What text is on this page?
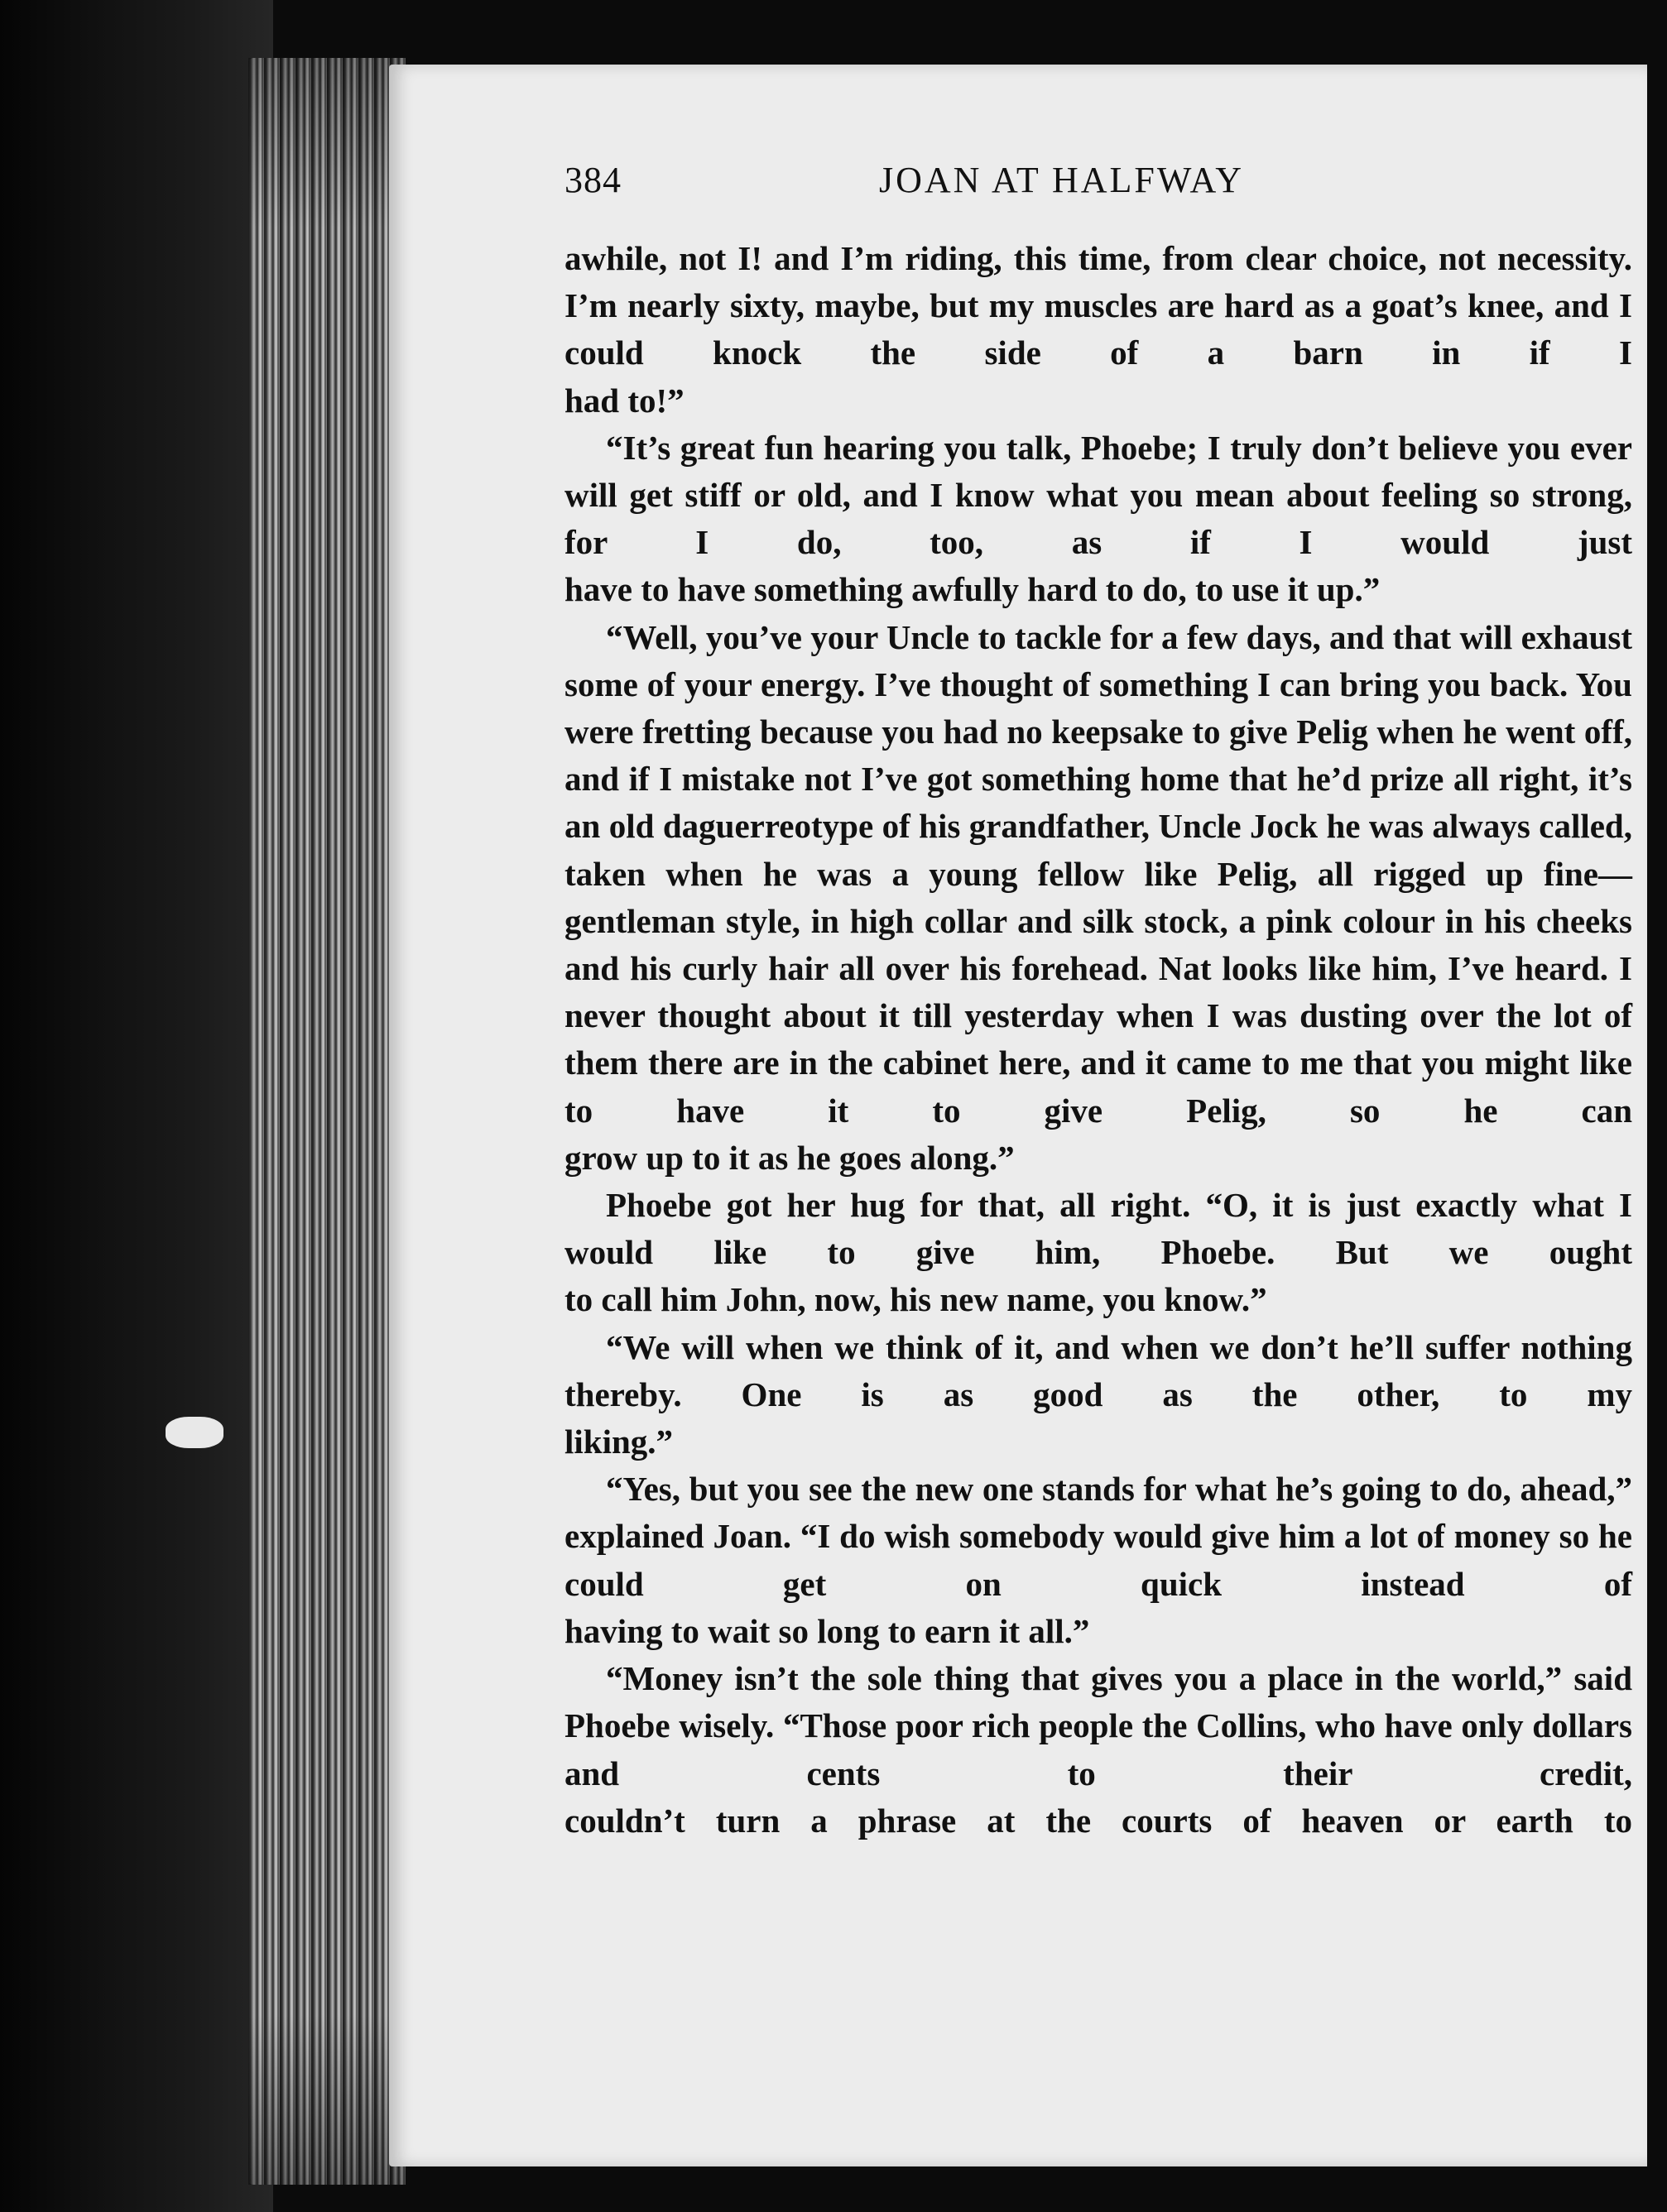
384	JOAN AT HALFWAY

awhile, not I! and I’m riding, this time, from clear choice, not necessity. I’m nearly sixty, maybe, but my muscles are hard as a goat’s knee, and I could knock the side of a barn in if I
had to!”

“It’s great fun hearing you talk, Phoebe; I truly don’t believe you ever will get stiff or old, and I know what you mean about feeling so strong, for I do, too, as if I would just
have to have something awfully hard to do, to use it up.”

“Well, you’ve your Uncle to tackle for a few days, and that will exhaust some of your energy. I’ve thought of something I can bring you back. You were fretting because you had no keepsake to give Pelig when he went off, and if I mistake not I’ve got something home that he’d prize all right, it’s an old daguerreotype of his grandfather, Uncle Jock he was always called, taken when he was a young fellow like Pelig, all rigged up fine—gentleman style, in high collar and silk stock, a pink colour in his cheeks and his curly hair all over his forehead. Nat looks like him, I’ve heard. I never thought about it till yesterday when I was dusting over the lot of them there are in the cabinet here, and it came to me that you might like to have it to give Pelig, so he can
grow up to it as he goes along.”

Phoebe got her hug for that, all right. “O, it is just exactly what I would like to give him, Phoebe. But we ought
to call him John, now, his new name, you know.”

“We will when we think of it, and when we don’t he’ll suffer nothing thereby. One is as good as the other, to my
liking.”

“Yes, but you see the new one stands for what he’s going to do, ahead,” explained Joan. “I do wish somebody would give him a lot of money so he could get on quick instead of
having to wait so long to earn it all.”

“Money isn’t the sole thing that gives you a place in the world,” said Phoebe wisely. “Those poor rich people the Collins, who have only dollars and cents to their credit,
couldn’t turn a phrase at the courts of heaven or earth to
